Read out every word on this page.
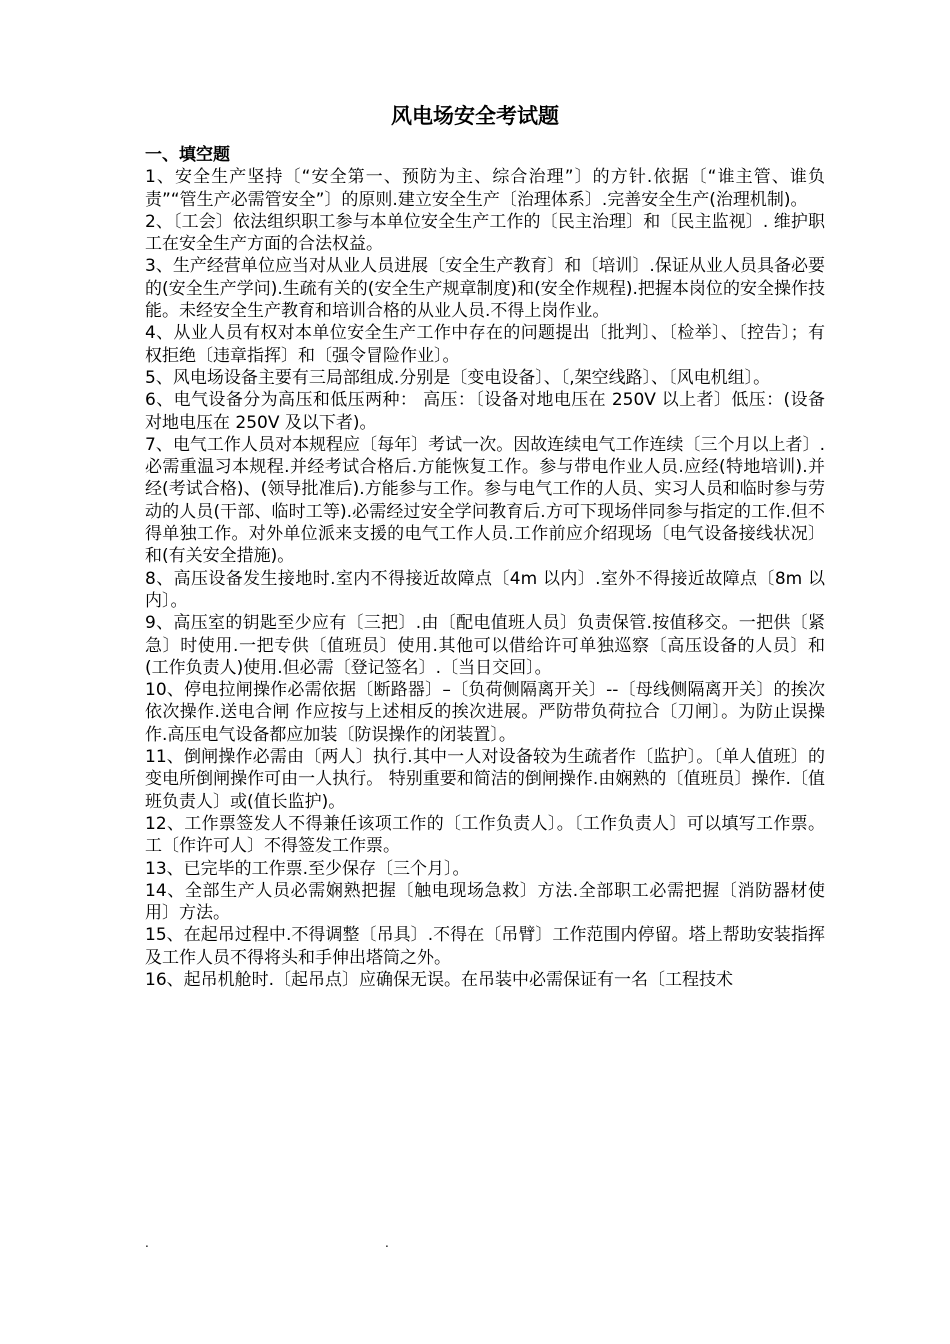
风电场安全考试题
一、填空题

1、安全生产坚持〔“安全第一、预防为主、综合治理”〕的方针.依据〔“谁主管、谁负责”“管生产必需管安全”〕的原则.建立安全生产〔治理体系〕.完善安全生产(治理机制)。

2、〔工会〕依法组织职工参与本单位安全生产工作的〔民主治理〕和〔民主监视〕. 维护职工在安全生产方面的合法权益。

3、生产经营单位应当对从业人员进展〔安全生产教育〕和〔培训〕.保证从业人员具备必要的(安全生产学问).生疏有关的(安全生产规章制度)和(安全作规程).把握本岗位的安全操作技能。未经安全生产教育和培训合格的从业人员.不得上岗作业。

4、从业人员有权对本单位安全生产工作中存在的问题提出〔批判〕、〔检举〕、〔控告〕；有权拒绝〔违章指挥〕和〔强令冒险作业〕。

5、风电场设备主要有三局部组成.分别是〔变电设备〕、〔,架空线路〕、〔风电机组〕。

6、电气设备分为高压和低压两种： 高压：〔设备对地电压在 250V 以上者〕低压：(设备对地电压在 250V 及以下者)。

7、电气工作人员对本规程应〔每年〕考试一次。因故连续电气工作连续〔三个月以上者〕.必需重温习本规程.并经考试合格后.方能恢复工作。参与带电作业人员.应经(特地培训).并经(考试合格)、(领导批准后).方能参与工作。参与电气工作的人员、实习人员和临时参与劳动的人员(干部、临时工等).必需经过安全学问教育后.方可下现场伴同参与指定的工作.但不得单独工作。对外单位派来支援的电气工作人员.工作前应介绍现场〔电气设备接线状况〕和(有关安全措施)。

8、高压设备发生接地时.室内不得接近故障点〔4m 以内〕.室外不得接近故障点〔8m 以内〕。

9、高压室的钥匙至少应有〔三把〕.由〔配电值班人员〕负责保管.按值移交。一把供〔紧急〕时使用.一把专供〔值班员〕使用.其他可以借给许可单独巡察〔高压设备的人员〕和(工作负责人)使用.但必需〔登记签名〕.〔当日交回〕。

10、停电拉闸操作必需依据〔断路器〕–〔负荷侧隔离开关〕--〔母线侧隔离开关〕的挨次依次操作.送电合闸 作应按与上述相反的挨次进展。严防带负荷拉合〔刀闸〕。为防止误操作.高压电气设备都应加装〔防误操作的闭装置〕。

11、倒闸操作必需由〔两人〕执行.其中一人对设备较为生疏者作〔监护〕。〔单人值班〕的变电所倒闸操作可由一人执行。 特别重要和简洁的倒闸操作.由娴熟的〔值班员〕操作.〔值班负责人〕或(值长监护)。

12、工作票签发人不得兼任该项工作的〔工作负责人〕。〔工作负责人〕可以填写工作票。工〔作许可人〕不得签发工作票。

13、已完毕的工作票.至少保存〔三个月〕。

14、全部生产人员必需娴熟把握〔触电现场急救〕方法.全部职工必需把握〔消防器材使用〕方法。

15、在起吊过程中.不得调整〔吊具〕.不得在〔吊臂〕工作范围内停留。塔上帮助安装指挥及工作人员不得将头和手伸出塔筒之外。

16、起吊机舱时.〔起吊点〕应确保无误。在吊装中必需保证有一名〔工程技术

.	.
